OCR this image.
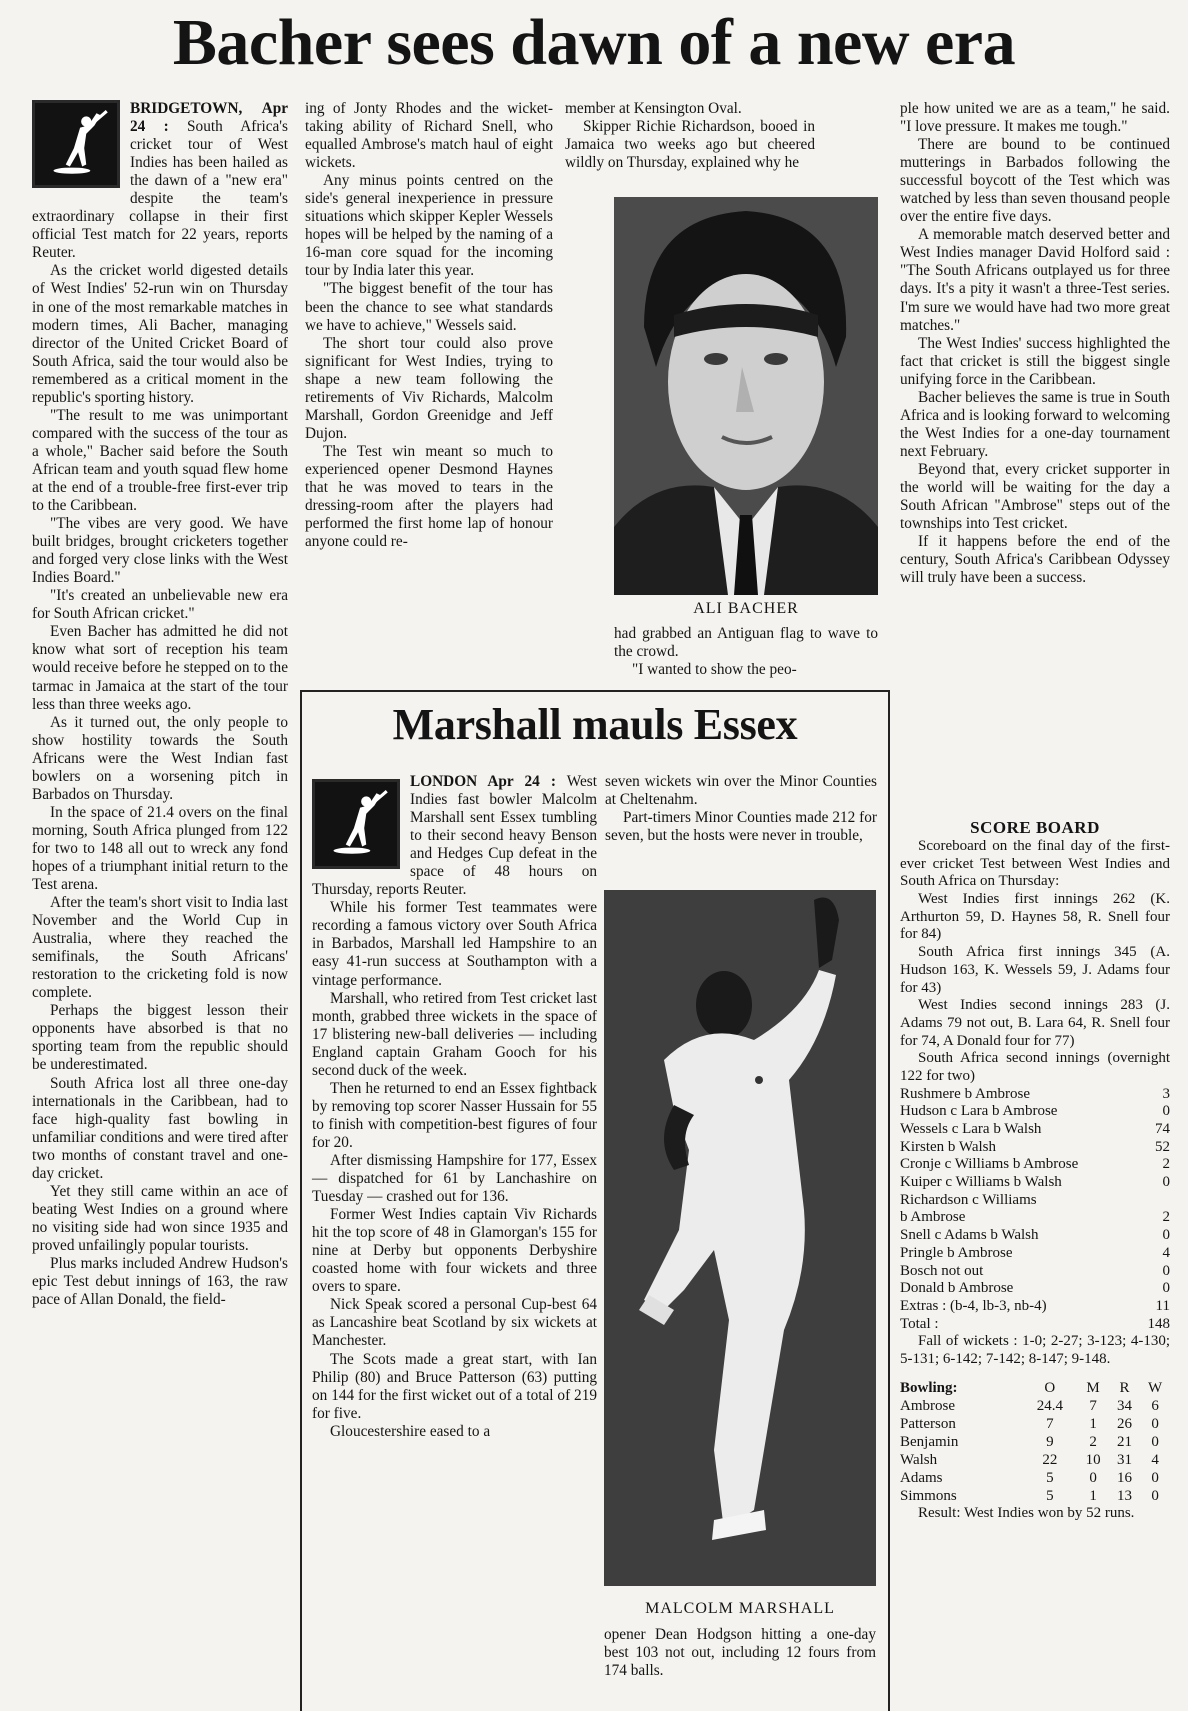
Bacher sees dawn of a new era

BRIDGETOWN, Apr 24 : South Africa's cricket tour of West Indies has been hailed as the dawn of a "new era" despite the team's extraordinary collapse in their first official Test match for 22 years, reports Reuter.

As the cricket world digested details of West Indies' 52-run win on Thursday in one of the most remarkable matches in modern times, Ali Bacher, managing director of the United Cricket Board of South Africa, said the tour would also be remembered as a critical moment in the republic's sporting history.

"The result to me was unimportant compared with the success of the tour as a whole," Bacher said before the South African team and youth squad flew home at the end of a trouble-free first-ever trip to the Caribbean.

"The vibes are very good. We have built bridges, brought cricketers together and forged very close links with the West Indies Board."

"It's created an unbelievable new era for South African cricket."

Even Bacher has admitted he did not know what sort of reception his team would receive before he stepped on to the tarmac in Jamaica at the start of the tour less than three weeks ago.

As it turned out, the only people to show hostility towards the South Africans were the West Indian fast bowlers on a worsening pitch in Barbados on Thursday.

In the space of 21.4 overs on the final morning, South Africa plunged from 122 for two to 148 all out to wreck any fond hopes of a triumphant initial return to the Test arena.

After the team's short visit to India last November and the World Cup in Australia, where they reached the semifinals, the South Africans' restoration to the cricketing fold is now complete.

Perhaps the biggest lesson their opponents have absorbed is that no sporting team from the republic should be underestimated.

South Africa lost all three one-day internationals in the Caribbean, had to face high-quality fast bowling in unfamiliar conditions and were tired after two months of constant travel and one-day cricket.

Yet they still came within an ace of beating West Indies on a ground where no visiting side had won since 1935 and proved unfailingly popular tourists.

Plus marks included Andrew Hudson's epic Test debut innings of 163, the raw pace of Allan Donald, the field-

ing of Jonty Rhodes and the wicket-taking ability of Richard Snell, who equalled Ambrose's match haul of eight wickets.

Any minus points centred on the side's general inexperience in pressure situations which skipper Kepler Wessels hopes will be helped by the naming of a 16-man core squad for the incoming tour by India later this year.

"The biggest benefit of the tour has been the chance to see what standards we have to achieve," Wessels said.

The short tour could also prove significant for West Indies, trying to shape a new team following the retirements of Viv Richards, Malcolm Marshall, Gordon Greenidge and Jeff Dujon.

The Test win meant so much to experienced opener Desmond Haynes that he was moved to tears in the dressing-room after the players had performed the first home lap of honour anyone could re-

member at Kensington Oval.

Skipper Richie Richardson, booed in Jamaica two weeks ago but cheered wildly on Thursday, explained why he

ALI BACHER

had grabbed an Antiguan flag to wave to the crowd.

"I wanted to show the peo-

ple how united we are as a team," he said. "I love pressure. It makes me tough."

There are bound to be continued mutterings in Barbados following the successful boycott of the Test which was watched by less than seven thousand people over the entire five days.

A memorable match deserved better and West Indies manager David Holford said : "The South Africans outplayed us for three days. It's a pity it wasn't a three-Test series. I'm sure we would have had two more great matches."

The West Indies' success highlighted the fact that cricket is still the biggest single unifying force in the Caribbean.

Bacher believes the same is true in South Africa and is looking forward to welcoming the West Indies for a one-day tournament next February.

Beyond that, every cricket supporter in the world will be waiting for the day a South African "Ambrose" steps out of the townships into Test cricket.

If it happens before the end of the century, South Africa's Caribbean Odyssey will truly have been a success.

SCORE BOARD

Scoreboard on the final day of the first-ever cricket Test between West Indies and South Africa on Thursday:

West Indies first innings 262 (K. Arthurton 59, D. Haynes 58, R. Snell four for 84)

South Africa first innings 345 (A. Hudson 163, K. Wessels 59, J. Adams four for 43)

West Indies second innings 283 (J. Adams 79 not out, B. Lara 64, R. Snell four for 74, A Donald four for 77)

South Africa second innings (overnight 122 for two)

Rushmere b Ambrose	3
Hudson c Lara b Ambrose	0
Wessels c Lara b Walsh	74
Kirsten b Walsh	52
Cronje c Williams b Ambrose	2
Kuiper c Williams b Walsh	0
Richardson c Williams
b Ambrose	2
Snell c Adams b Walsh	0
Pringle b Ambrose	4
Bosch not out	0
Donald b Ambrose	0
Extras : (b-4, lb-3, nb-4)	11
Total :	148

Fall of wickets : 1-0; 2-27; 3-123; 4-130; 5-131; 6-142; 7-142; 8-147; 9-148.

Bowling:	O	M	R	W
Ambrose	24.4	7	34	6
Patterson	7	1	26	0
Benjamin	9	2	21	0
Walsh	22	10	31	4
Adams	5	0	16	0
Simmons	5	1	13	0

Result: West Indies won by 52 runs.

Marshall mauls Essex

LONDON Apr 24 : West Indies fast bowler Malcolm Marshall sent Essex tumbling to their second heavy Benson and Hedges Cup defeat in the space of 48 hours on Thursday, reports Reuter.

While his former Test teammates were recording a famous victory over South Africa in Barbados, Marshall led Hampshire to an easy 41-run success at Southampton with a vintage performance.

Marshall, who retired from Test cricket last month, grabbed three wickets in the space of 17 blistering new-ball deliveries — including England captain Graham Gooch for his second duck of the week.

Then he returned to end an Essex fightback by removing top scorer Nasser Hussain for 55 to finish with competition-best figures of four for 20.

After dismissing Hampshire for 177, Essex — dispatched for 61 by Lanchashire on Tuesday — crashed out for 136.

Former West Indies captain Viv Richards hit the top score of 48 in Glamorgan's 155 for nine at Derby but opponents Derbyshire coasted home with four wickets and three overs to spare.

Nick Speak scored a personal Cup-best 64 as Lancashire beat Scotland by six wickets at Manchester.

The Scots made a great start, with Ian Philip (80) and Bruce Patterson (63) putting on 144 for the first wicket out of a total of 219 for five.

Gloucestershire eased to a

seven wickets win over the Minor Counties at Cheltenahm.

Part-timers Minor Counties made 212 for seven, but the hosts were never in trouble,

MALCOLM MARSHALL

opener Dean Hodgson hitting a one-day best 103 not out, including 12 fours from 174 balls.
